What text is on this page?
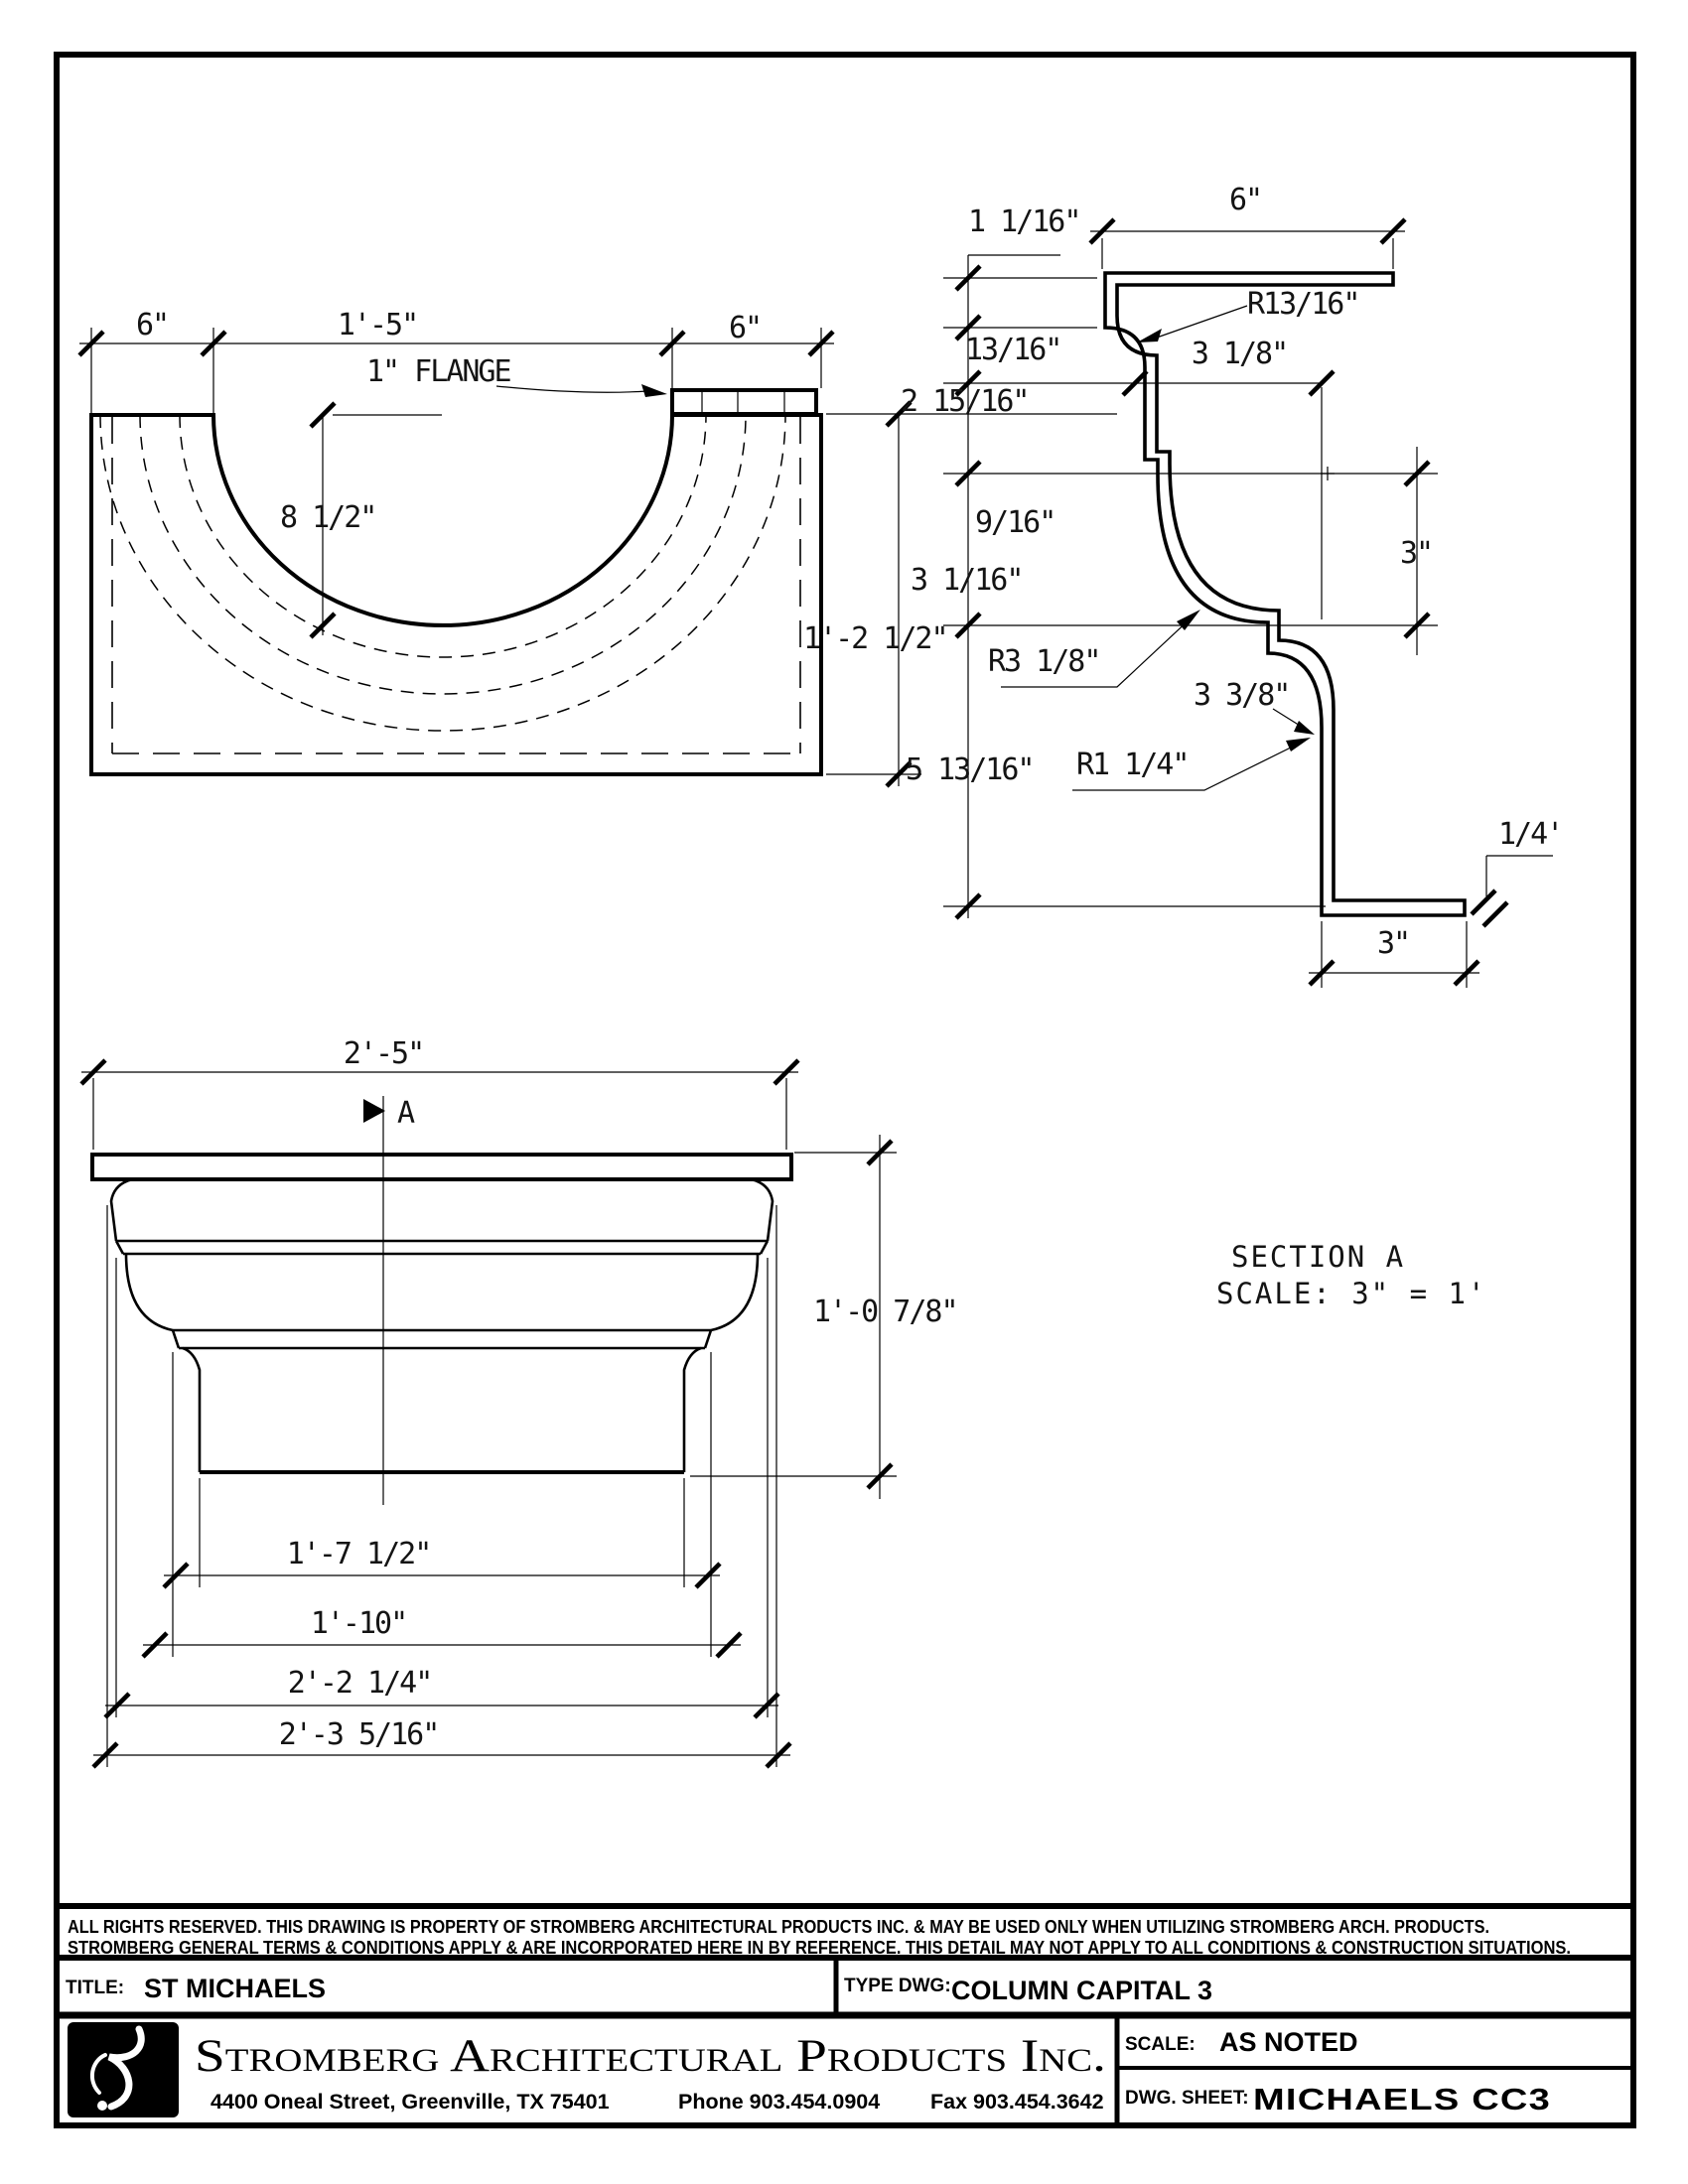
6"	1'-5"	6"
1" FLANGE
8 1/2"
1'-2 1/2"
6"
1 1/16"
13/16"
2 15/16"
9/16"
3 1/16"
5 13/16"
R13/16"
3 1/8"
3"
R3 1/8"
3 3/8"
R1 1/4"
1/4'
3"
A
2'-5"
1'-0 7/8"
1'-7 1/2"
1'-10"
2'-2 1/4"
2'-3 5/16"
SECTION A
SCALE: 3" = 1'
ALL RIGHTS RESERVED. THIS DRAWING IS PROPERTY OF STROMBERG ARCHITECTURAL PRODUCTS INC. & MAY BE USED ONLY WHEN UTILIZING STROMBERG ARCH. PRODUCTS.
STROMBERG GENERAL TERMS & CONDITIONS APPLY & ARE INCORPORATED HERE IN BY REFERENCE. THIS DETAIL MAY NOT APPLY TO ALL CONDITIONS & CONSTRUCTION SITUATIONS.
TITLE: ST MICHAELS	TYPE DWG: COLUMN CAPITAL 3
Stromberg Architectural Products Inc.
4400 Oneal Street, Greenville, TX 75401	Phone 903.454.0904 Fax 903.454.3642
SCALE: AS NOTED
DWG. SHEET: MICHAELS CC3
